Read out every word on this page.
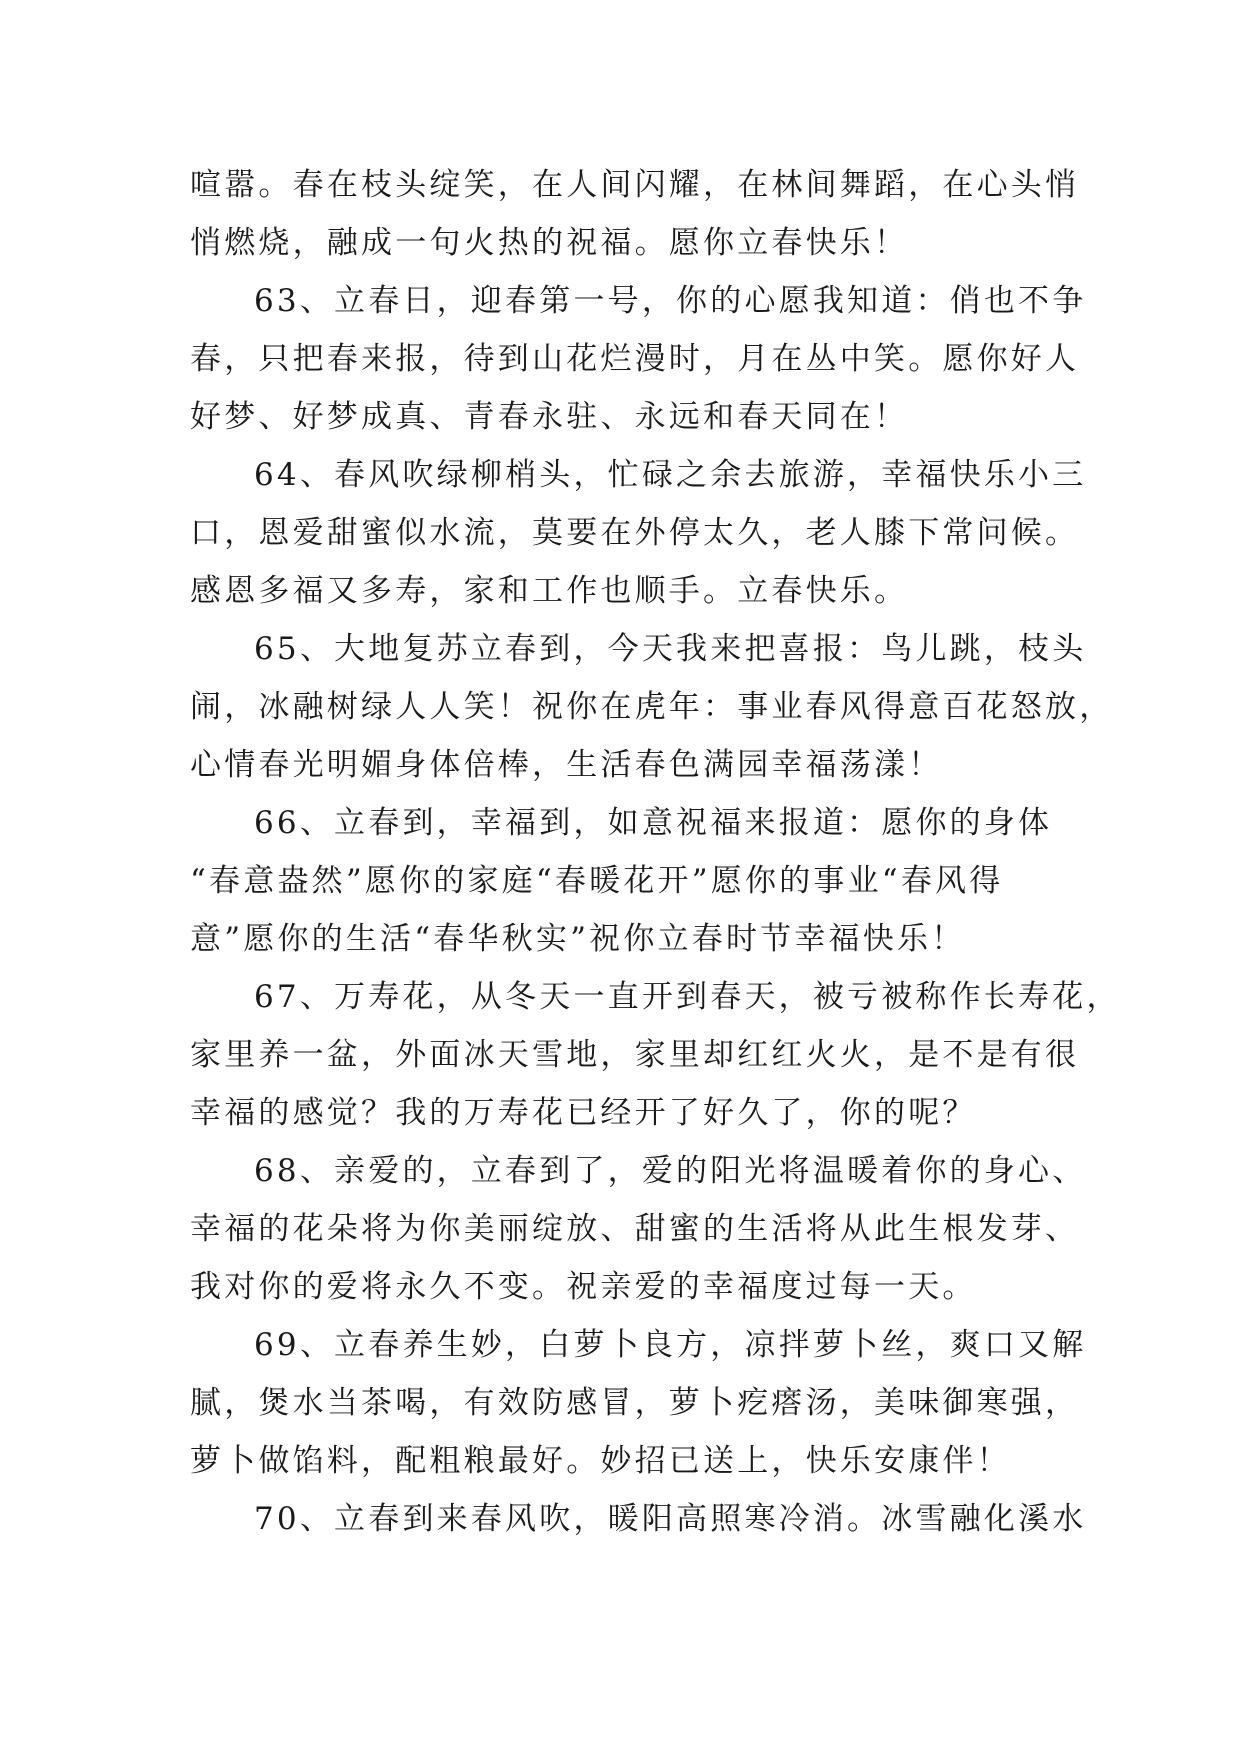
喧嚣。春在枝头绽笑，在人间闪耀，在林间舞蹈，在心头悄
悄燃烧，融成一句火热的祝福。愿你立春快乐！
63、立春日，迎春第一号，你的心愿我知道：俏也不争
春，只把春来报，待到山花烂漫时，月在丛中笑。愿你好人
好梦、好梦成真、青春永驻、永远和春天同在！
64、春风吹绿柳梢头，忙碌之余去旅游，幸福快乐小三
口，恩爱甜蜜似水流，莫要在外停太久，老人膝下常问候。
感恩多福又多寿，家和工作也顺手。立春快乐。
65、大地复苏立春到，今天我来把喜报：鸟儿跳，枝头
闹，冰融树绿人人笑！祝你在虎年：事业春风得意百花怒放，
心情春光明媚身体倍棒，生活春色满园幸福荡漾！
66、立春到，幸福到，如意祝福来报道：愿你的身体
“春意盎然”愿你的家庭“春暖花开”愿你的事业“春风得
意”愿你的生活“春华秋实”祝你立春时节幸福快乐！
67、万寿花，从冬天一直开到春天，被亏被称作长寿花，
家里养一盆，外面冰天雪地，家里却红红火火，是不是有很
幸福的感觉？我的万寿花已经开了好久了，你的呢？
68、亲爱的，立春到了，爱的阳光将温暖着你的身心、
幸福的花朵将为你美丽绽放、甜蜜的生活将从此生根发芽、
我对你的爱将永久不变。祝亲爱的幸福度过每一天。
69、立春养生妙，白萝卜良方，凉拌萝卜丝，爽口又解
腻，煲水当茶喝，有效防感冒，萝卜疙瘩汤，美味御寒强，
萝卜做馅料，配粗粮最好。妙招已送上，快乐安康伴！
70、立春到来春风吹，暖阳高照寒冷消。冰雪融化溪水
